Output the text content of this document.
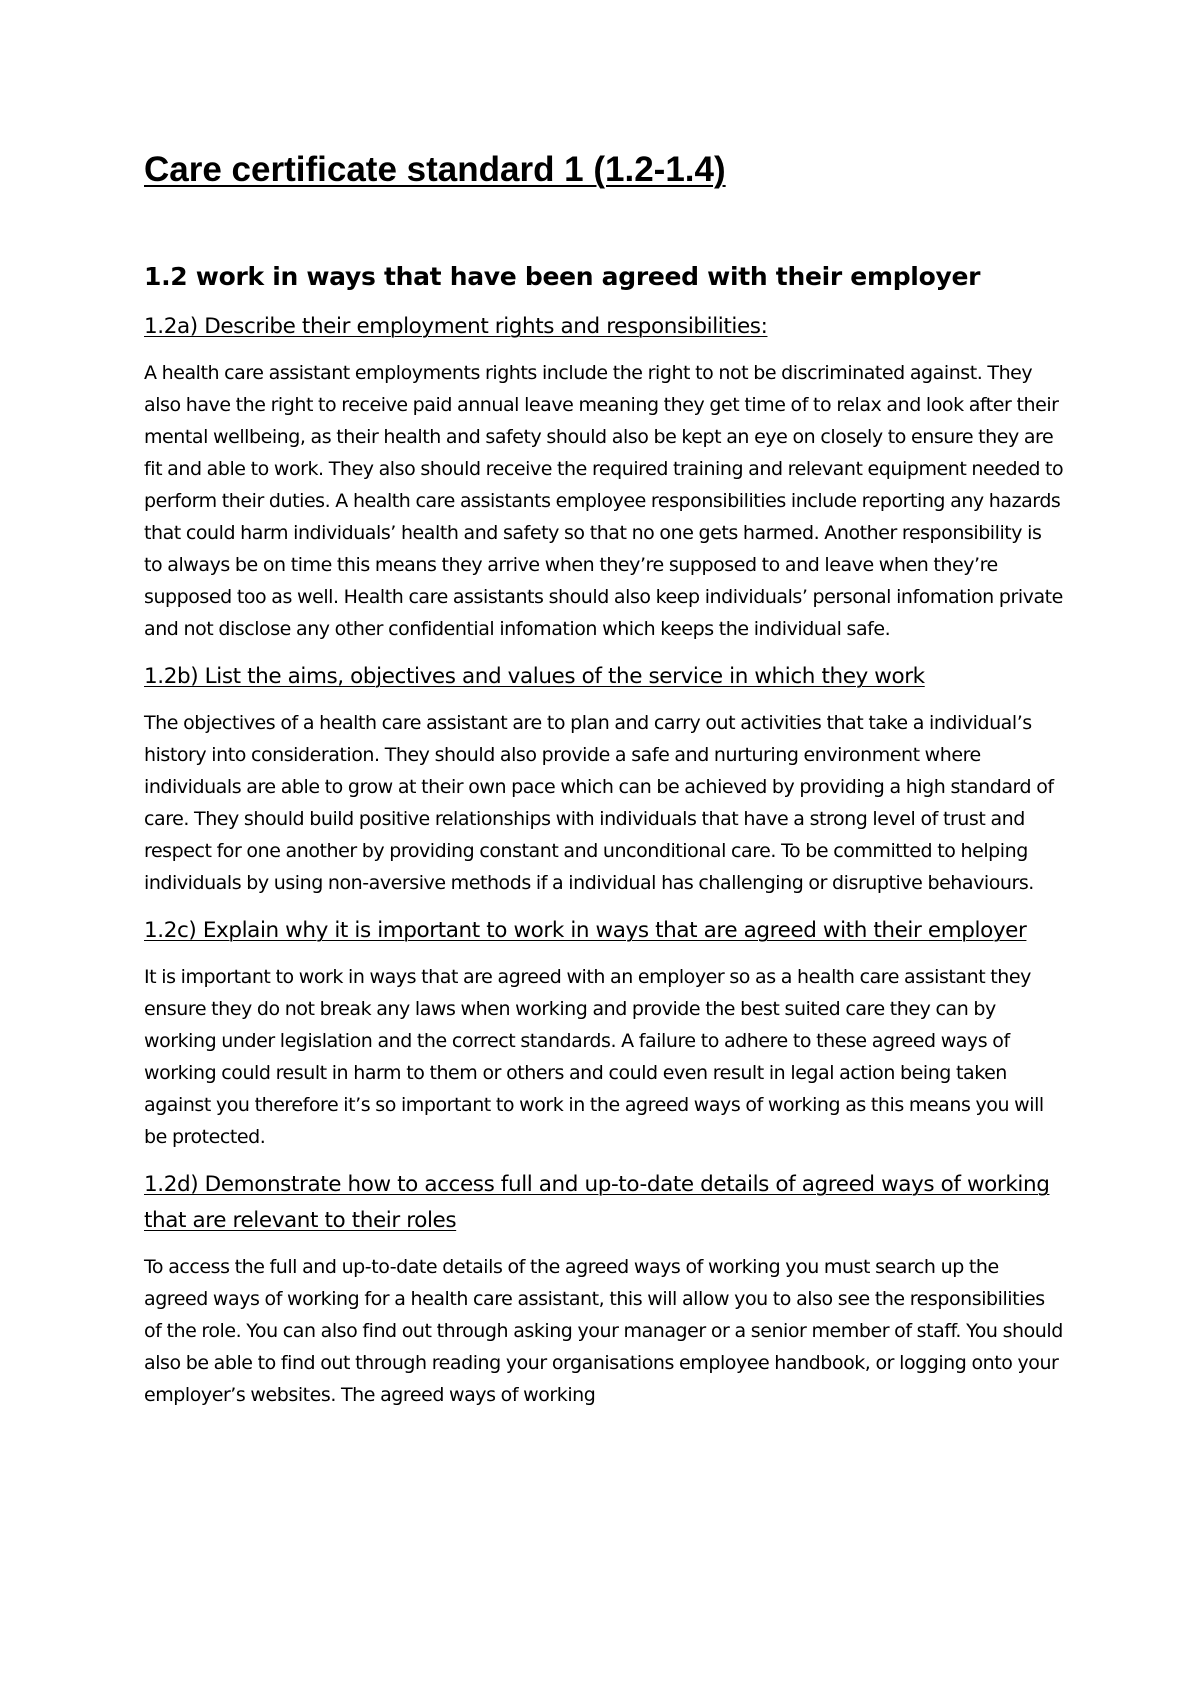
Care certificate standard 1 (1.2-1.4)
1.2 work in ways that have been agreed with their employer
1.2a) Describe their employment rights and responsibilities:

A health care assistant employments rights include the right to not be discriminated against. They also have the right to receive paid annual leave meaning they get time of to relax and look after their mental wellbeing, as their health and safety should also be kept an eye on closely to ensure they are fit and able to work. They also should receive the required training and relevant equipment needed to perform their duties. A health care assistants employee responsibilities include reporting any hazards that could harm individuals’ health and safety so that no one gets harmed. Another responsibility is to always be on time this means they arrive when they’re supposed to and leave when they’re supposed too as well. Health care assistants should also keep individuals’ personal infomation private and not disclose any other confidential infomation which keeps the individual safe.

1.2b) List the aims, objectives and values of the service in which they work

The objectives of a health care assistant are to plan and carry out activities that take a individual’s history into consideration. They should also provide a safe and nurturing environment where individuals are able to grow at their own pace which can be achieved by providing a high standard of care. They should build positive relationships with individuals that have a strong level of trust and respect for one another by providing constant and unconditional care. To be committed to helping individuals by using non-aversive methods if a individual has challenging or disruptive behaviours.

1.2c) Explain why it is important to work in ways that are agreed with their employer

It is important to work in ways that are agreed with an employer so as a health care assistant they ensure they do not break any laws when working and provide the best suited care they can by working under legislation and the correct standards. A failure to adhere to these agreed ways of working could result in harm to them or others and could even result in legal action being taken against you therefore it’s so important to work in the agreed ways of working as this means you will be protected.

1.2d) Demonstrate how to access full and up-to-date details of agreed ways of working that are relevant to their roles

To access the full and up-to-date details of the agreed ways of working you must search up the agreed ways of working for a health care assistant, this will allow you to also see the responsibilities of the role. You can also find out through asking your manager or a senior member of staff. You should also be able to find out through reading your organisations employee handbook, or logging onto your employer’s websites. The agreed ways of working
